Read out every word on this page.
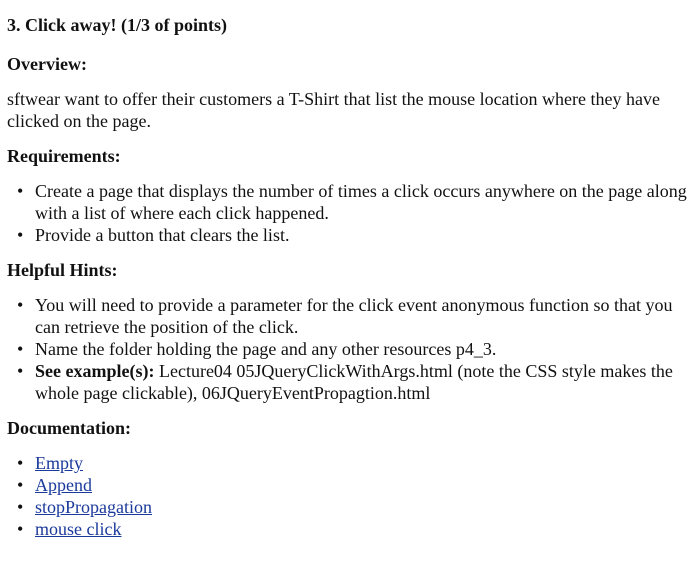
3. Click away! (1/3 of points)
Overview:
sftwear want to offer their customers a T-Shirt that list the mouse location where they have clicked on the page.
Requirements:
• Create a page that displays the number of times a click occurs anywhere on the page along with a list of where each click happened.
• Provide a button that clears the list.
Helpful Hints:
• You will need to provide a parameter for the click event anonymous function so that you can retrieve the position of the click.
• Name the folder holding the page and any other resources p4_3.
• See example(s): Lecture04 05JQueryClickWithArgs.html (note the CSS style makes the whole page clickable), 06JQueryEventPropagtion.html
Documentation:
• Empty
• Append
• stopPropagation
• mouse click
